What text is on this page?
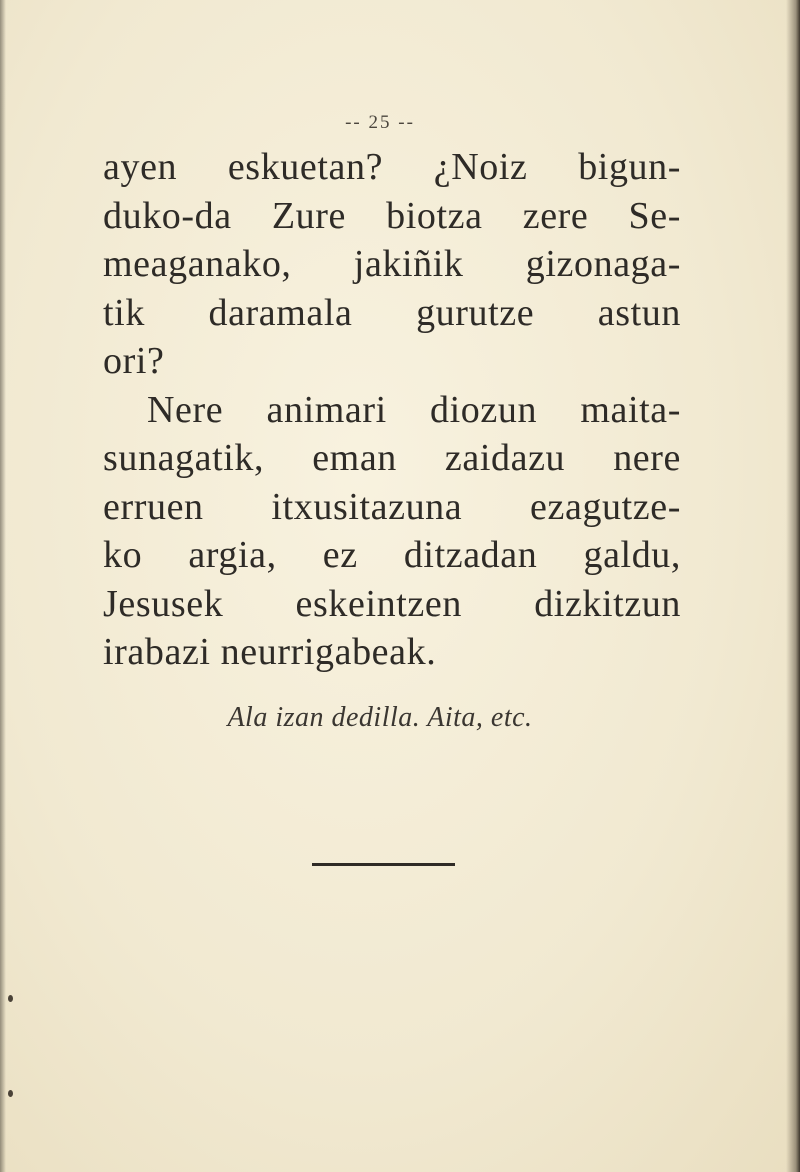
-- 25 --
ayen eskuetan? ¿Noiz bigun-
duko-da Zure biotza zere Se-
meaganako, jakiñik gizonaga-
tik daramala gurutze astun
ori?
Nere animari diozun maita-
sunagatik, eman zaidazu nere
erruen itxusitazuna ezagutze-
ko argia, ez ditzadan galdu,
Jesusek eskeintzen dizkitzun
irabazi neurrigabeak.
Ala izan dedilla. Aita, etc.
